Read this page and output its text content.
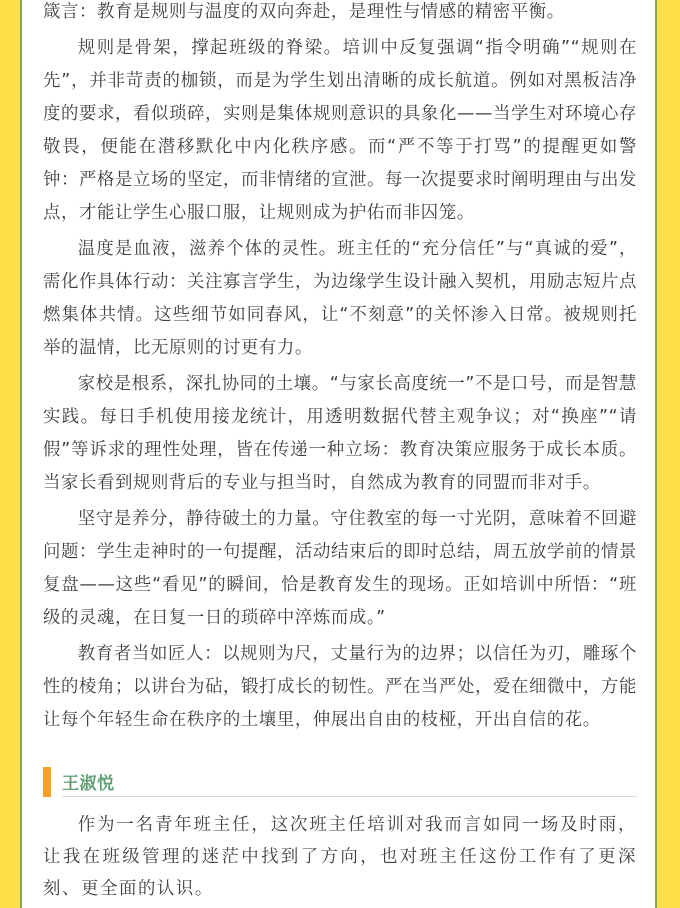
箴言：教育是规则与温度的双向奔赴，是理性与情感的精密平衡。

规则是骨架，撑起班级的脊梁。培训中反复强调“指令明确”“规则在先”，并非苛责的枷锁，而是为学生划出清晰的成长航道。例如对黑板洁净度的要求，看似琐碎，实则是集体规则意识的具象化——当学生对环境心存敬畏，便能在潜移默化中内化秩序感。而“严不等于打骂”的提醒更如警钟：严格是立场的坚定，而非情绪的宣泄。每一次提要求时阐明理由与出发点，才能让学生心服口服，让规则成为护佑而非囚笼。

温度是血液，滋养个体的灵性。班主任的“充分信任”与“真诚的爱”，需化作具体行动：关注寡言学生，为边缘学生设计融入契机，用励志短片点燃集体共情。这些细节如同春风，让“不刻意”的关怀渗入日常。被规则托举的温情，比无原则的讨更有力。

家校是根系，深扎协同的土壤。“与家长高度统一”不是口号，而是智慧实践。每日手机使用接龙统计，用透明数据代替主观争议；对“换座”“请假”等诉求的理性处理，皆在传递一种立场：教育决策应服务于成长本质。当家长看到规则背后的专业与担当时，自然成为教育的同盟而非对手。

坚守是养分，静待破土的力量。守住教室的每一寸光阴，意味着不回避问题：学生走神时的一句提醒，活动结束后的即时总结，周五放学前的情景复盘——这些“看见”的瞬间，恰是教育发生的现场。正如培训中所悟：“班级的灵魂，在日复一日的琐碎中淬炼而成。”

教育者当如匠人：以规则为尺，丈量行为的边界；以信任为刃，雕琢个性的棱角；以讲台为砧，锻打成长的韧性。严在当严处，爱在细微中，方能让每个年轻生命在秩序的土壤里，伸展出自由的枝桠，开出自信的花。

王淑悦

作为一名青年班主任，这次班主任培训对我而言如同一场及时雨，让我在班级管理的迷茫中找到了方向，也对班主任这份工作有了更深刻、更全面的认识。
